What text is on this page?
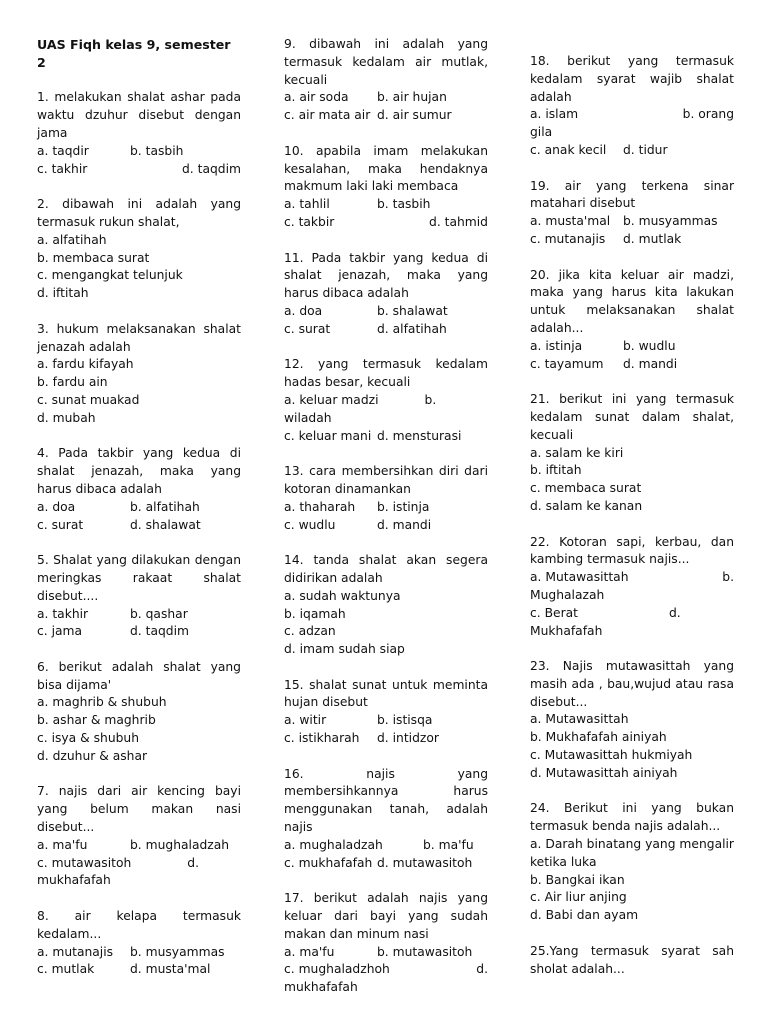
UAS Fiqh kelas 9, semester 2
1. melakukan shalat ashar pada waktu dzuhur disebut dengan jama
a. taqdir	b. tasbih
c. takhir	d. taqdim
2. dibawah ini adalah yang termasuk rukun shalat,
a. alfatihah
b. membaca surat
c. mengangkat telunjuk
d. iftitah
3. hukum melaksanakan shalat jenazah adalah
a. fardu kifayah
b. fardu ain
c. sunat muakad
d. mubah
4. Pada takbir yang kedua di shalat jenazah, maka yang harus dibaca adalah
a. doa	b. alfatihah
c. surat	d. shalawat
5. Shalat yang dilakukan dengan meringkas rakaat shalat disebut....
a. takhir	b. qashar
c. jama	d. taqdim
6. berikut adalah shalat yang bisa dijama'
a. maghrib & shubuh
b. ashar & maghrib
c. isya & shubuh
d. dzuhur & ashar
7. najis dari air kencing bayi yang belum makan nasi disebut...
a. ma'fu	b. mughaladzah
c. mutawasitoh	d.
mukhafafah
8. air kelapa termasuk kedalam...
a. mutanajis	b. musyammas
c. mutlak	d. musta'mal
9. dibawah ini adalah yang termasuk kedalam air mutlak, kecuali
a. air soda	b. air hujan
c. air mata air d. air sumur
10. apabila imam melakukan kesalahan, maka hendaknya makmum laki laki membaca
a. tahlil	b. tasbih
c. takbir	d. tahmid
11. Pada takbir yang kedua di shalat jenazah, maka yang harus dibaca adalah
a. doa	b. shalawat
c. surat	d. alfatihah
12. yang termasuk kedalam hadas besar, kecuali
a. keluar madzi	b.
wiladah
c. keluar mani d. mensturasi
13. cara membersihkan diri dari kotoran dinamankan
a. thaharah	b. istinja
c. wudlu	d. mandi
14. tanda shalat akan segera didirikan adalah
a. sudah waktunya
b. iqamah
c. adzan
d. imam sudah siap
15. shalat sunat untuk meminta hujan disebut
a. witir	b. istisqa
c. istikharah	d. intidzor
16. najis yang membersihkannya harus menggunakan tanah, adalah najis
a. mughaladzah	b. ma'fu
c. mukhafafah d. mutawasitoh
17. berikut adalah najis yang keluar dari bayi yang sudah makan dan minum nasi
a. ma'fu	b. mutawasitoh
c. mughaladzhoh	d.
mukhafafah
18. berikut yang termasuk kedalam syarat wajib shalat adalah
a. islam	b. orang
gila
c. anak kecil	d. tidur
19. air yang terkena sinar matahari disebut
a. musta'mal	b. musyammas
c. mutanajis	d. mutlak
20. jika kita keluar air madzi, maka yang harus kita lakukan untuk melaksanakan shalat adalah...
a. istinja	b. wudlu
c. tayamum	d. mandi
21. berikut ini yang termasuk kedalam sunat dalam shalat, kecuali
a. salam ke kiri
b. iftitah
c. membaca surat
d. salam ke kanan
22. Kotoran sapi, kerbau, dan kambing termasuk najis...
a. Mutawasittah	b.
Mughalazah
c. Berat	d.
Mukhafafah
23. Najis mutawasittah yang masih ada , bau,wujud atau rasa disebut...
a. Mutawasittah
b. Mukhafafah ainiyah
c. Mutawasittah hukmiyah
d. Mutawasittah ainiyah
24. Berikut ini yang bukan termasuk benda najis adalah...
a. Darah binatang yang mengalir ketika luka
b. Bangkai ikan
c. Air liur anjing
d. Babi dan ayam
25.Yang termasuk syarat sah sholat adalah...
